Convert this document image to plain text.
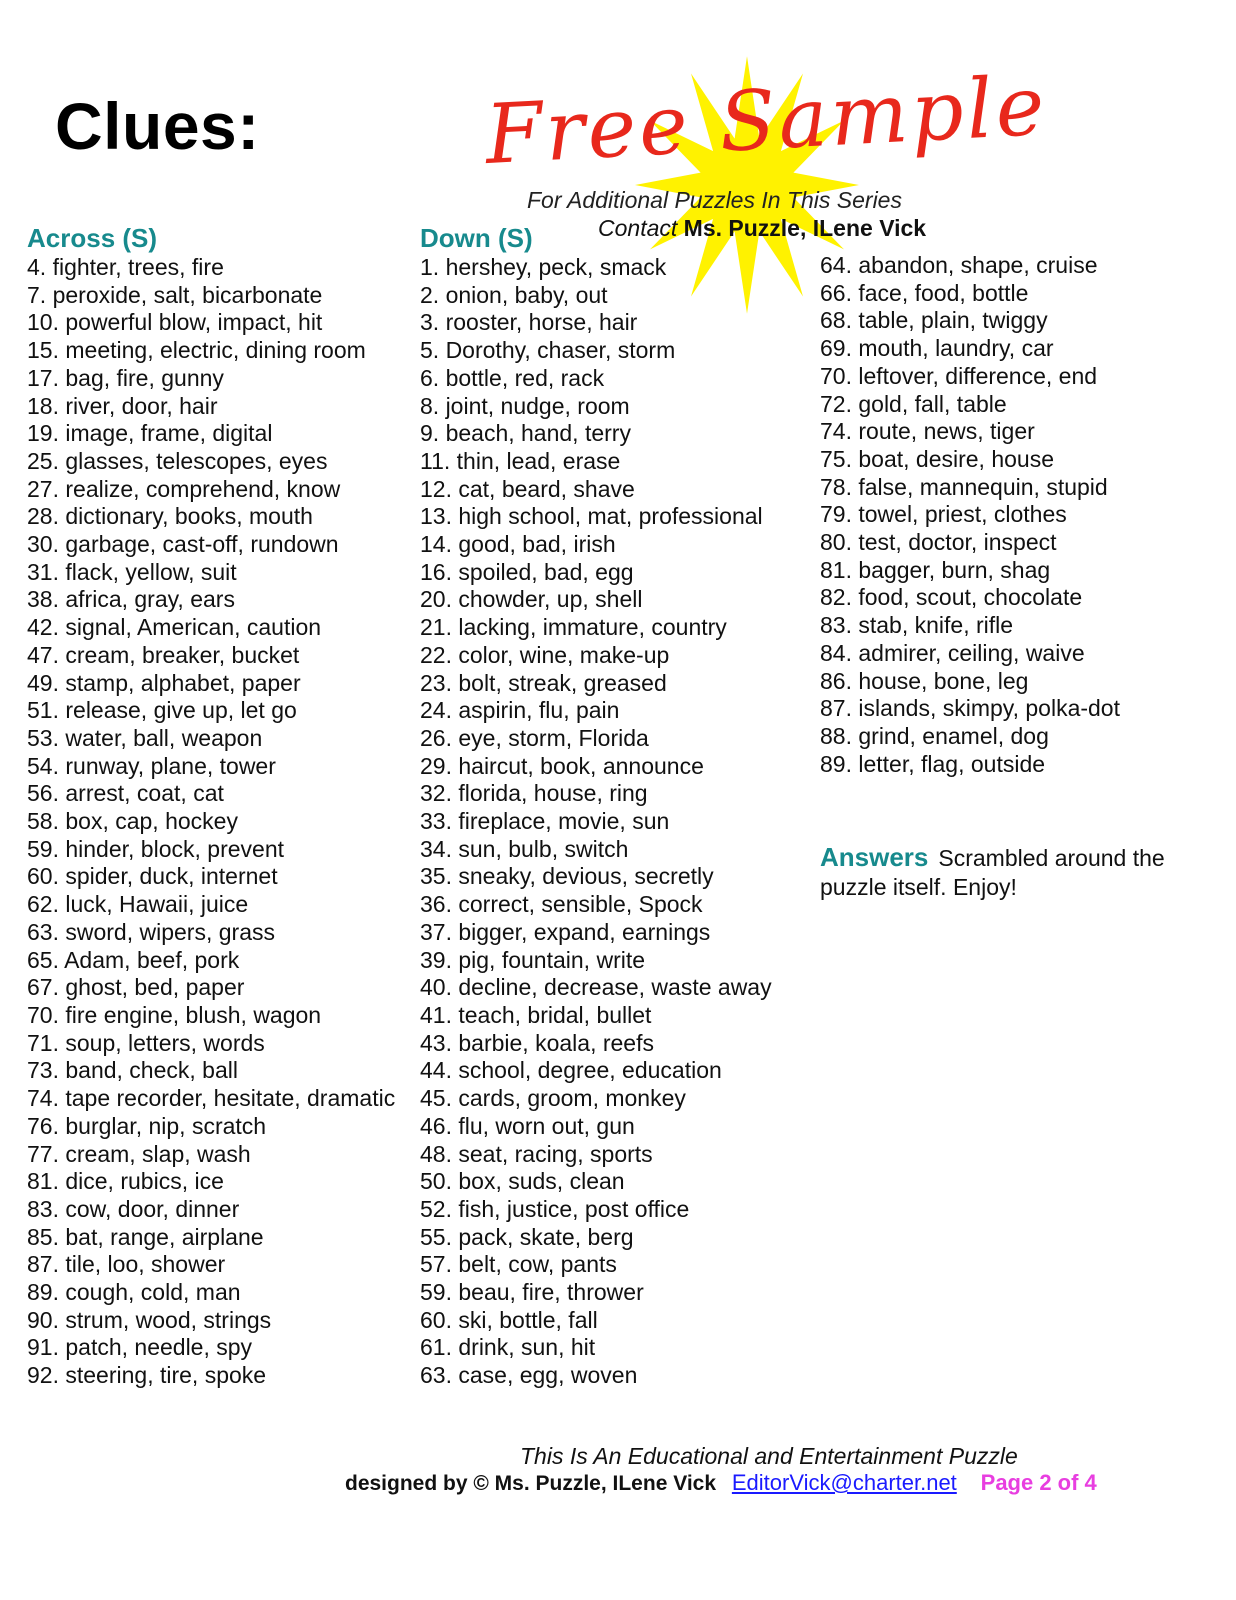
Clues:	Free Sample
For Additional Puzzles In This Series
Contact Ms. Puzzle, ILene Vick
Across (S)
4. fighter, trees, fire
7. peroxide, salt, bicarbonate
10. powerful blow, impact, hit
15. meeting, electric, dining room
17. bag, fire, gunny
18. river, door, hair
19. image, frame, digital
25. glasses, telescopes, eyes
27. realize, comprehend, know
28. dictionary, books, mouth
30. garbage, cast-off, rundown
31. flack, yellow, suit
38. africa, gray, ears
42. signal, American, caution
47. cream, breaker, bucket
49. stamp, alphabet, paper
51. release, give up, let go
53. water, ball, weapon
54. runway, plane, tower
56. arrest, coat, cat
58. box, cap, hockey
59. hinder, block, prevent
60. spider, duck, internet
62. luck, Hawaii, juice
63. sword, wipers, grass
65. Adam, beef, pork
67. ghost, bed, paper
70. fire engine, blush, wagon
71. soup, letters, words
73. band, check, ball
74. tape recorder, hesitate, dramatic
76. burglar, nip, scratch
77. cream, slap, wash
81. dice, rubics, ice
83. cow, door, dinner
85. bat, range, airplane
87. tile, loo, shower
89. cough, cold, man
90. strum, wood, strings
91. patch, needle, spy
92. steering, tire, spoke
Down (S)
1. hershey, peck, smack
2. onion, baby, out
3. rooster, horse, hair
5. Dorothy, chaser, storm
6. bottle, red, rack
8. joint, nudge, room
9. beach, hand, terry
11. thin, lead, erase
12. cat, beard, shave
13. high school, mat, professional
14. good, bad, irish
16. spoiled, bad, egg
20. chowder, up, shell
21. lacking, immature, country
22. color, wine, make-up
23. bolt, streak, greased
24. aspirin, flu, pain
26. eye, storm, Florida
29. haircut, book, announce
32. florida, house, ring
33. fireplace, movie, sun
34. sun, bulb, switch
35. sneaky, devious, secretly
36. correct, sensible, Spock
37. bigger, expand, earnings
39. pig, fountain, write
40. decline, decrease, waste away
41. teach, bridal, bullet
43. barbie, koala, reefs
44. school, degree, education
45. cards, groom, monkey
46. flu, worn out, gun
48. seat, racing, sports
50. box, suds, clean
52. fish, justice, post office
55. pack, skate, berg
57. belt, cow, pants
59. beau, fire, thrower
60. ski, bottle, fall
61. drink, sun, hit
63. case, egg, woven
64. abandon, shape, cruise
66. face, food, bottle
68. table, plain, twiggy
69. mouth, laundry, car
70. leftover, difference, end
72. gold, fall, table
74. route, news, tiger
75. boat, desire, house
78. false, mannequin, stupid
79. towel, priest, clothes
80. test, doctor, inspect
81. bagger, burn, shag
82. food, scout, chocolate
83. stab, knife, rifle
84. admirer, ceiling, waive
86. house, bone, leg
87. islands, skimpy, polka-dot
88. grind, enamel, dog
89. letter, flag, outside
Answers Scrambled around the puzzle itself. Enjoy!
This Is An Educational and Entertainment Puzzle
designed by © Ms. Puzzle, ILene Vick EditorVick@charter.net Page 2 of 4
